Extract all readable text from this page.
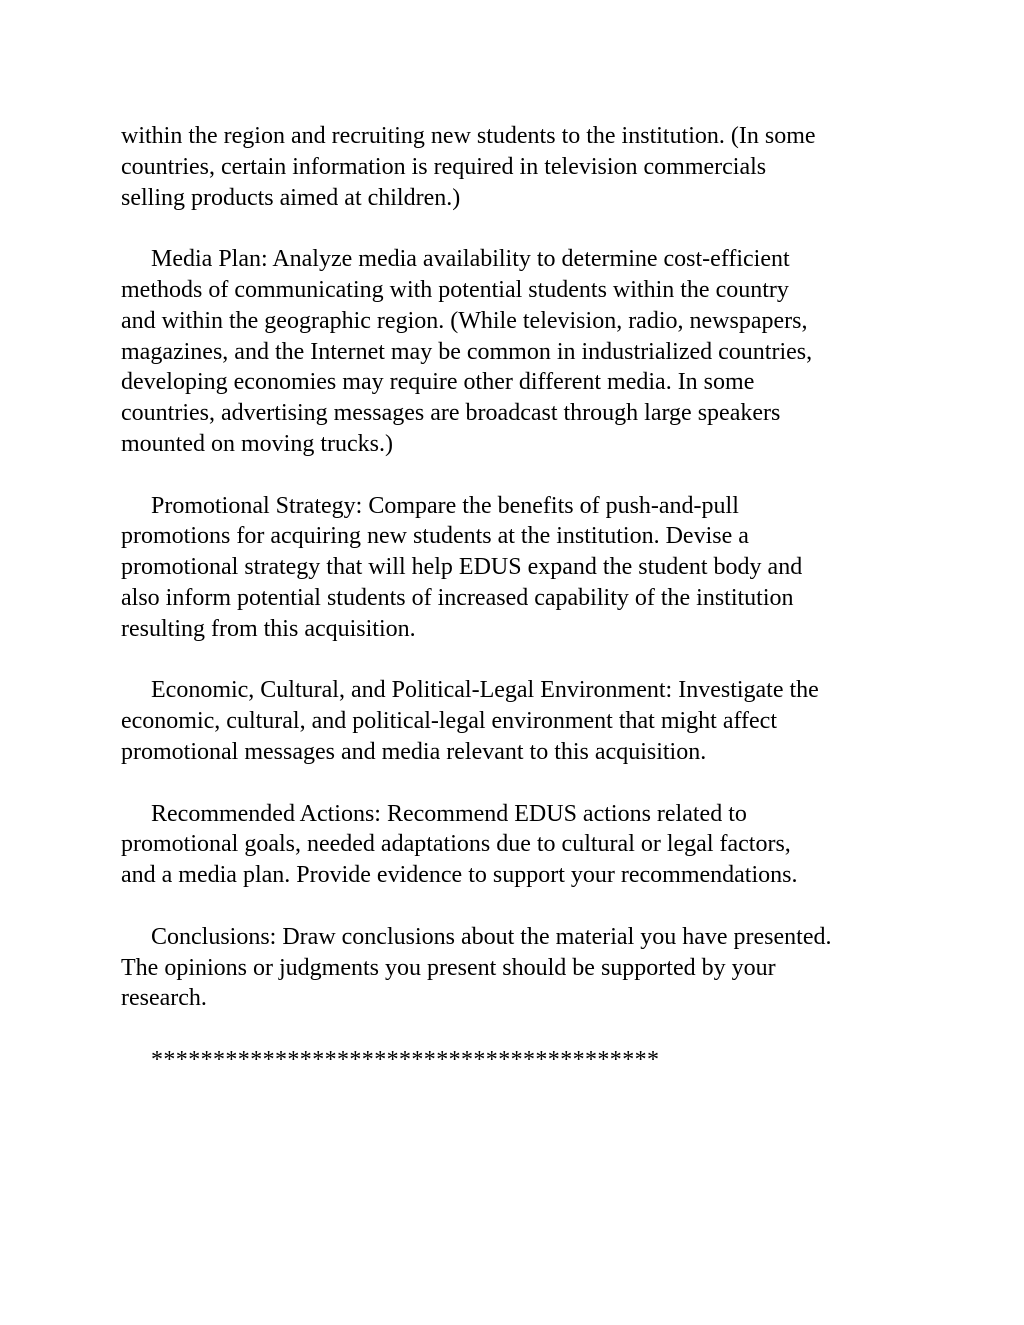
within the region and recruiting new students to the institution. (In some
countries, certain information is required in television commercials
selling products aimed at children.)

Media Plan: Analyze media availability to determine cost-efficient
methods of communicating with potential students within the country
and within the geographic region. (While television, radio, newspapers,
magazines, and the Internet may be common in industrialized countries,
developing economies may require other different media. In some
countries, advertising messages are broadcast through large speakers
mounted on moving trucks.)

Promotional Strategy: Compare the benefits of push-and-pull
promotions for acquiring new students at the institution. Devise a
promotional strategy that will help EDUS expand the student body and
also inform potential students of increased capability of the institution
resulting from this acquisition.

Economic, Cultural, and Political-Legal Environment: Investigate the
economic, cultural, and political-legal environment that might affect
promotional messages and media relevant to this acquisition.

Recommended Actions: Recommend EDUS actions related to
promotional goals, needed adaptations due to cultural or legal factors,
and a media plan. Provide evidence to support your recommendations.

Conclusions: Draw conclusions about the material you have presented.
The opinions or judgments you present should be supported by your
research.

*****************************************
